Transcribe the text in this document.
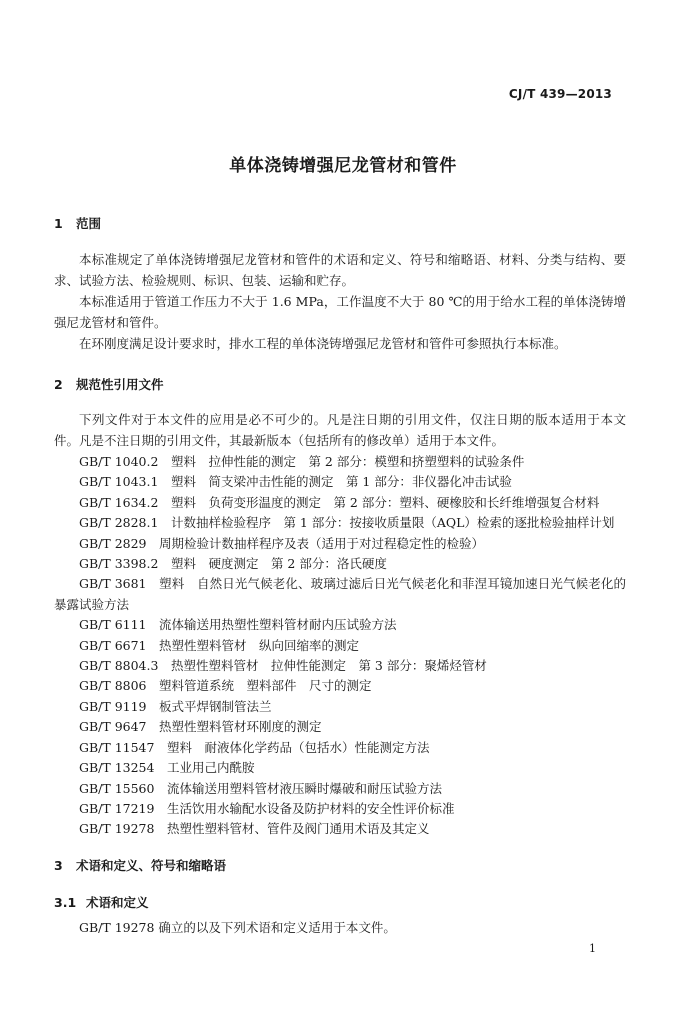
CJ/T 439—2013
单体浇铸增强尼龙管材和管件
1 范围

本标准规定了单体浇铸增强尼龙管材和管件的术语和定义、符号和缩略语、材料、分类与结构、要求、试验方法、检验规则、标识、包装、运输和贮存。

本标准适用于管道工作压力不大于 1.6 MPa，工作温度不大于 80 ℃的用于给水工程的单体浇铸增强尼龙管材和管件。

在环刚度满足设计要求时，排水工程的单体浇铸增强尼龙管材和管件可参照执行本标准。

2 规范性引用文件

下列文件对于本文件的应用是必不可少的。凡是注日期的引用文件，仅注日期的版本适用于本文件。凡是不注日期的引用文件，其最新版本（包括所有的修改单）适用于本文件。

GB/T 1040.2  塑料　拉伸性能的测定　第 2 部分：模塑和挤塑塑料的试验条件
GB/T 1043.1  塑料　简支梁冲击性能的测定　第 1 部分：非仪器化冲击试验
GB/T 1634.2  塑料　负荷变形温度的测定　第 2 部分：塑料、硬橡胶和长纤维增强复合材料
GB/T 2828.1  计数抽样检验程序　第 1 部分：按接收质量限（AQL）检索的逐批检验抽样计划
GB/T 2829  周期检验计数抽样程序及表（适用于对过程稳定性的检验）
GB/T 3398.2  塑料　硬度测定　第 2 部分：洛氏硬度
GB/T 3681  塑料　自然日光气候老化、玻璃过滤后日光气候老化和菲涅耳镜加速日光气候老化的暴露试验方法
GB/T 6111  流体输送用热塑性塑料管材耐内压试验方法
GB/T 6671  热塑性塑料管材　纵向回缩率的测定
GB/T 8804.3  热塑性塑料管材　拉伸性能测定　第 3 部分：聚烯烃管材
GB/T 8806  塑料管道系统　塑料部件　尺寸的测定
GB/T 9119  板式平焊钢制管法兰
GB/T 9647  热塑性塑料管材环刚度的测定
GB/T 11547  塑料　耐液体化学药品（包括水）性能测定方法
GB/T 13254  工业用己内酰胺
GB/T 15560  流体输送用塑料管材液压瞬时爆破和耐压试验方法
GB/T 17219  生活饮用水输配水设备及防护材料的安全性评价标准
GB/T 19278  热塑性塑料管材、管件及阀门通用术语及其定义
3 术语和定义、符号和缩略语
3.1 术语和定义

GB/T 19278 确立的以及下列术语和定义适用于本文件。

1
